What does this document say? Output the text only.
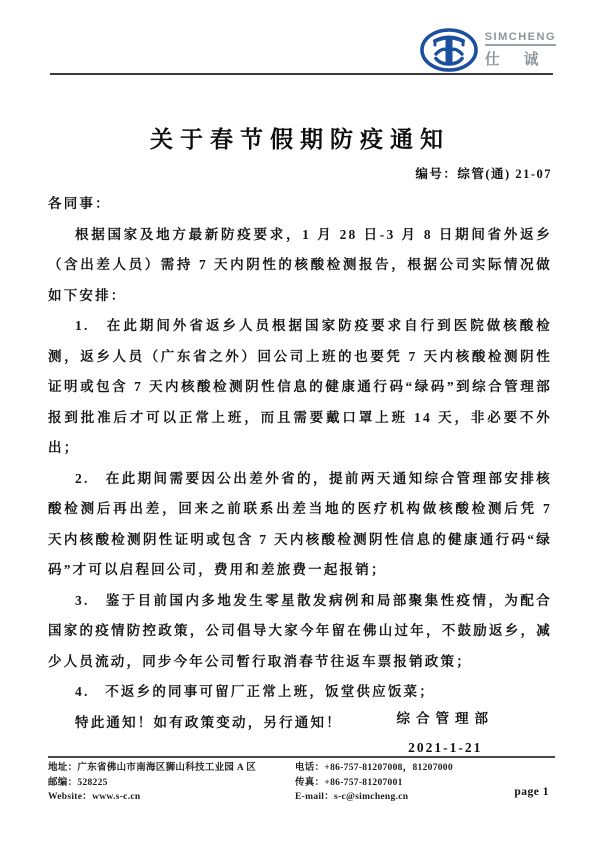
SIMCHENG
仕 诚
关于春节假期防疫通知
编号：综管(通) 21-07

各同事：

根据国家及地方最新防疫要求，1 月 28 日-3 月 8 日期间省外返乡（含出差人员）需持 7 天内阴性的核酸检测报告，根据公司实际情况做如下安排：

1.　在此期间外省返乡人员根据国家防疫要求自行到医院做核酸检测，返乡人员（广东省之外）回公司上班的也要凭 7 天内核酸检测阴性证明或包含 7 天内核酸检测阴性信息的健康通行码“绿码”到综合管理部报到批准后才可以正常上班，而且需要戴口罩上班 14 天，非必要不外出；

2.　在此期间需要因公出差外省的，提前两天通知综合管理部安排核酸检测后再出差，回来之前联系出差当地的医疗机构做核酸检测后凭 7 天内核酸检测阴性证明或包含 7 天内核酸检测阴性信息的健康通行码“绿码”才可以启程回公司，费用和差旅费一起报销；

3.　鉴于目前国内多地发生零星散发病例和局部聚集性疫情，为配合国家的疫情防控政策，公司倡导大家今年留在佛山过年，不鼓励返乡，减少人员流动，同步今年公司暂行取消春节往返车票报销政策；

4.　不返乡的同事可留厂正常上班，饭堂供应饭菜；

特此通知！如有政策变动，另行通知！	综合管理部
2021-1-21
地址： 广东省佛山市南海区狮山科技工业园 A 区
邮编： 528225
Website： www.s-c.cn
电话： +86-757-81207008，81207000
传真： +86-757-81207001
E-mail： s-c@simcheng.cn	page 1
